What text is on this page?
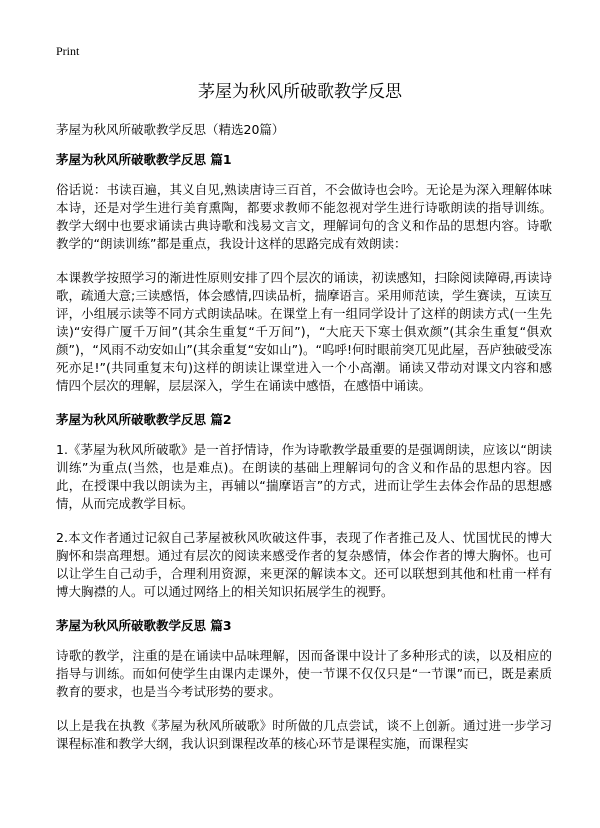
Print
茅屋为秋风所破歌教学反思

茅屋为秋风所破歌教学反思（精选20篇）

茅屋为秋风所破歌教学反思 篇1

俗话说：书读百遍，其义自见,熟读唐诗三百首，不会做诗也会吟。无论是为深入理解体味本诗，还是对学生进行美育熏陶，都要求教师不能忽视对学生进行诗歌朗读的指导训练。教学大纲中也要求诵读古典诗歌和浅易文言文，理解词句的含义和作品的思想内容。诗歌教学的“朗读训练”都是重点，我设计这样的思路完成有效朗读：

本课教学按照学习的渐进性原则安排了四个层次的诵读，初读感知，扫除阅读障碍,再读诗歌，疏通大意;三读感悟，体会感情,四读品析，揣摩语言。采用师范读，学生赛读，互读互评，小组展示读等不同方式朗读品味。在课堂上有一组同学设计了这样的朗读方式(一生先读)“安得广厦千万间”(其余生重复“千万间”)，“大庇天下寒士俱欢颜”(其余生重复“俱欢颜”)，“风雨不动安如山”(其余重复“安如山”)。“呜呼!何时眼前突兀见此屋，吾庐独破受冻死亦足!”(共同重复末句)这样的朗读让课堂进入一个小高潮。诵读又带动对课文内容和感情四个层次的理解，层层深入，学生在诵读中感悟，在感悟中诵读。

茅屋为秋风所破歌教学反思 篇2

1.《茅屋为秋风所破歌》是一首抒情诗，作为诗歌教学最重要的是强调朗读，应该以“朗读训练”为重点(当然，也是难点)。在朗读的基础上理解词句的含义和作品的思想内容。因此，在授课中我以朗读为主，再辅以“揣摩语言”的方式，进而让学生去体会作品的思想感情，从而完成教学目标。

2.本文作者通过记叙自己茅屋被秋风吹破这件事，表现了作者推己及人、忧国忧民的博大胸怀和崇高理想。通过有层次的阅读来感受作者的复杂感情，体会作者的博大胸怀。也可以让学生自己动手，合理利用资源，来更深的解读本文。还可以联想到其他和杜甫一样有博大胸襟的人。可以通过网络上的相关知识拓展学生的视野。

茅屋为秋风所破歌教学反思 篇3

诗歌的教学，注重的是在诵读中品味理解，因而备课中设计了多种形式的读，以及相应的指导与训练。而如何使学生由课内走课外，使一节课不仅仅只是“一节课”而已，既是素质教育的要求，也是当今考试形势的要求。

以上是我在执教《茅屋为秋风所破歌》时所做的几点尝试，谈不上创新。通过进一步学习课程标准和教学大纲，我认识到课程改革的核心环节是课程实施，而课程实
